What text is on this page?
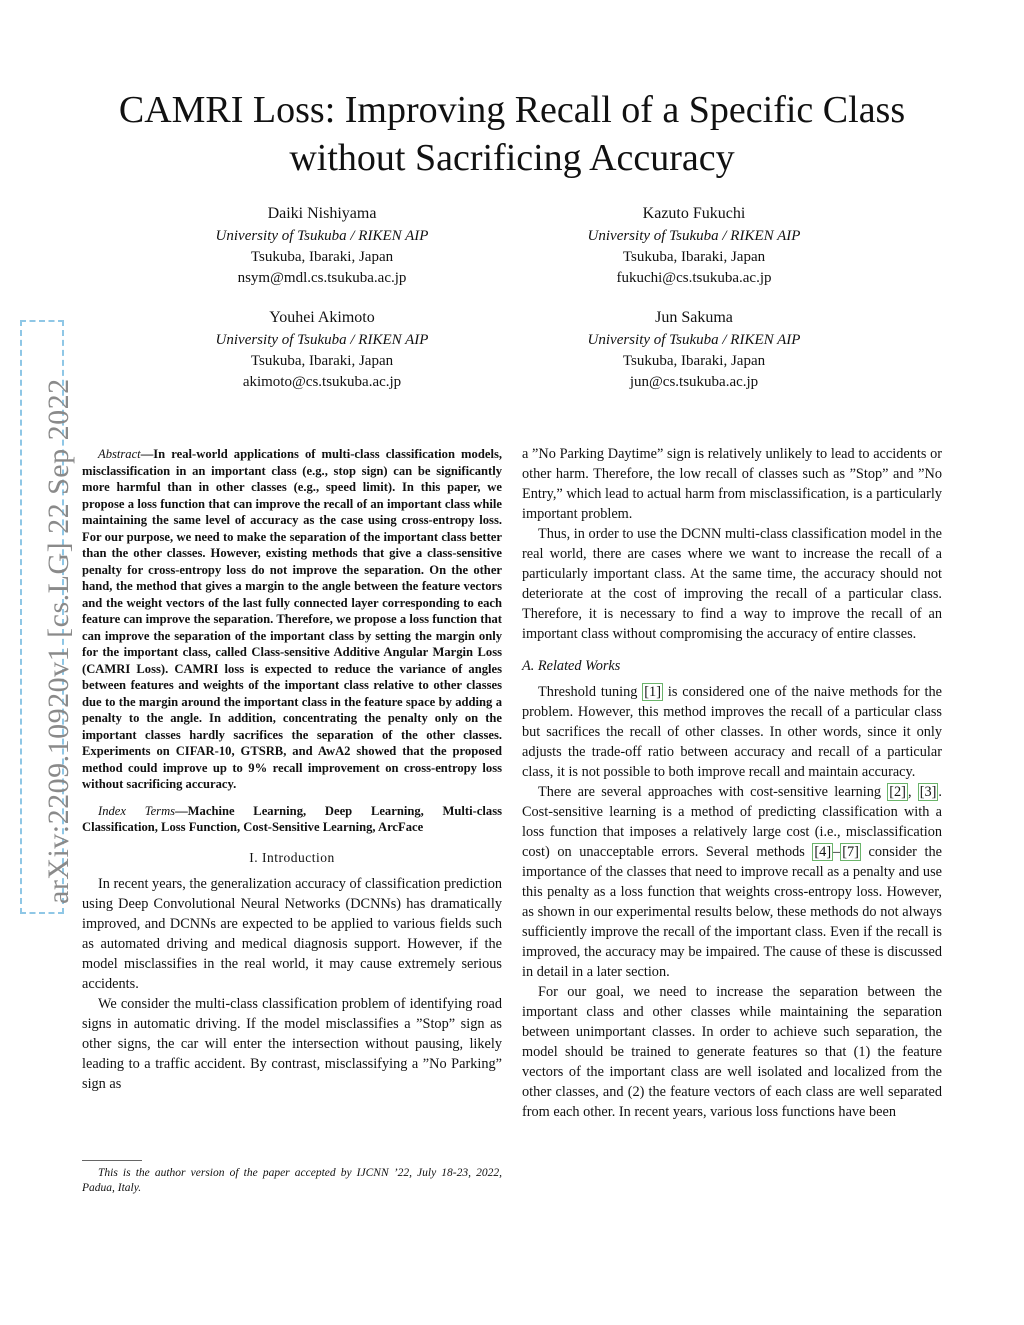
arXiv:2209.10920v1 [cs.LG] 22 Sep 2022
CAMRI Loss: Improving Recall of a Specific Class
without Sacrificing Accuracy
Daiki Nishiyama
University of Tsukuba / RIKEN AIP
Tsukuba, Ibaraki, Japan
nsym@mdl.cs.tsukuba.ac.jp
Kazuto Fukuchi
University of Tsukuba / RIKEN AIP
Tsukuba, Ibaraki, Japan
fukuchi@cs.tsukuba.ac.jp
Youhei Akimoto
University of Tsukuba / RIKEN AIP
Tsukuba, Ibaraki, Japan
akimoto@cs.tsukuba.ac.jp
Jun Sakuma
University of Tsukuba / RIKEN AIP
Tsukuba, Ibaraki, Japan
jun@cs.tsukuba.ac.jp

Abstract—In real-world applications of multi-class classification models, misclassification in an important class (e.g., stop sign) can be significantly more harmful than in other classes (e.g., speed limit). In this paper, we propose a loss function that can improve the recall of an important class while maintaining the same level of accuracy as the case using cross-entropy loss. For our purpose, we need to make the separation of the important class better than the other classes. However, existing methods that give a class-sensitive penalty for cross-entropy loss do not improve the separation. On the other hand, the method that gives a margin to the angle between the feature vectors and the weight vectors of the last fully connected layer corresponding to each feature can improve the separation. Therefore, we propose a loss function that can improve the separation of the important class by setting the margin only for the important class, called Class-sensitive Additive Angular Margin Loss (CAMRI Loss). CAMRI loss is expected to reduce the variance of angles between features and weights of the important class relative to other classes due to the margin around the important class in the feature space by adding a penalty to the angle. In addition, concentrating the penalty only on the important classes hardly sacrifices the separation of the other classes. Experiments on CIFAR-10, GTSRB, and AwA2 showed that the proposed method could improve up to 9% recall improvement on cross-entropy loss without sacrificing accuracy.

Index Terms—Machine Learning, Deep Learning, Multi-class Classification, Loss Function, Cost-Sensitive Learning, ArcFace

I. Introduction

In recent years, the generalization accuracy of classification prediction using Deep Convolutional Neural Networks (DCNNs) has dramatically improved, and DCNNs are expected to be applied to various fields such as automated driving and medical diagnosis support. However, if the model misclassifies in the real world, it may cause extremely serious accidents.

We consider the multi-class classification problem of identifying road signs in automatic driving. If the model misclassifies a ”Stop” sign as other signs, the car will enter the intersection without pausing, likely leading to a traffic accident. By contrast, misclassifying a ”No Parking” sign as

This is the author version of the paper accepted by IJCNN ’22, July 18-23, 2022, Padua, Italy.

a ”No Parking Daytime” sign is relatively unlikely to lead to accidents or other harm. Therefore, the low recall of classes such as ”Stop” and ”No Entry,” which lead to actual harm from misclassification, is a particularly important problem.

Thus, in order to use the DCNN multi-class classification model in the real world, there are cases where we want to increase the recall of a particularly important class. At the same time, the accuracy should not deteriorate at the cost of improving the recall of a particular class. Therefore, it is necessary to find a way to improve the recall of an important class without compromising the accuracy of entire classes.

A. Related Works

Threshold tuning [1] is considered one of the naive methods for the problem. However, this method improves the recall of a particular class but sacrifices the recall of other classes. In other words, since it only adjusts the trade-off ratio between accuracy and recall of a particular class, it is not possible to both improve recall and maintain accuracy.

There are several approaches with cost-sensitive learning [2] , [3] . Cost-sensitive learning is a method of predicting classification with a loss function that imposes a relatively large cost (i.e., misclassification cost) on unacceptable errors. Several methods [4] – [7] consider the importance of the classes that need to improve recall as a penalty and use this penalty as a loss function that weights cross-entropy loss. However, as shown in our experimental results below, these methods do not always sufficiently improve the recall of the important class. Even if the recall is improved, the accuracy may be impaired. The cause of these is discussed in detail in a later section.

For our goal, we need to increase the separation between the important class and other classes while maintaining the separation between unimportant classes. In order to achieve such separation, the model should be trained to generate features so that (1) the feature vectors of the important class are well isolated and localized from the other classes, and (2) the feature vectors of each class are well separated from each other. In recent years, various loss functions have been
